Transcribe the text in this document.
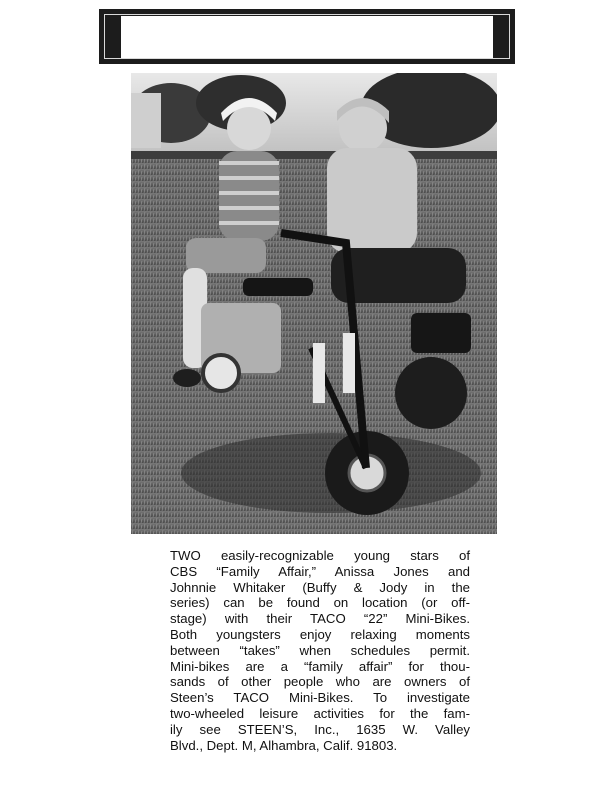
SHOWCASE
TWO easily-recognizable young stars of
CBS “Family Affair,” Anissa Jones and
Johnnie Whitaker (Buffy & Jody in the
series) can be found on location (or off-
stage) with their TACO “22” Mini-Bikes.
Both youngsters enjoy relaxing moments
between “takes” when schedules permit.
Mini-bikes are a “family affair” for thou-
sands of other people who are owners of
Steen’s TACO Mini-Bikes. To investigate
two-wheeled leisure activities for the fam-
ily see STEEN’S, Inc., 1635 W. Valley
Blvd., Dept. M, Alhambra, Calif. 91803.
